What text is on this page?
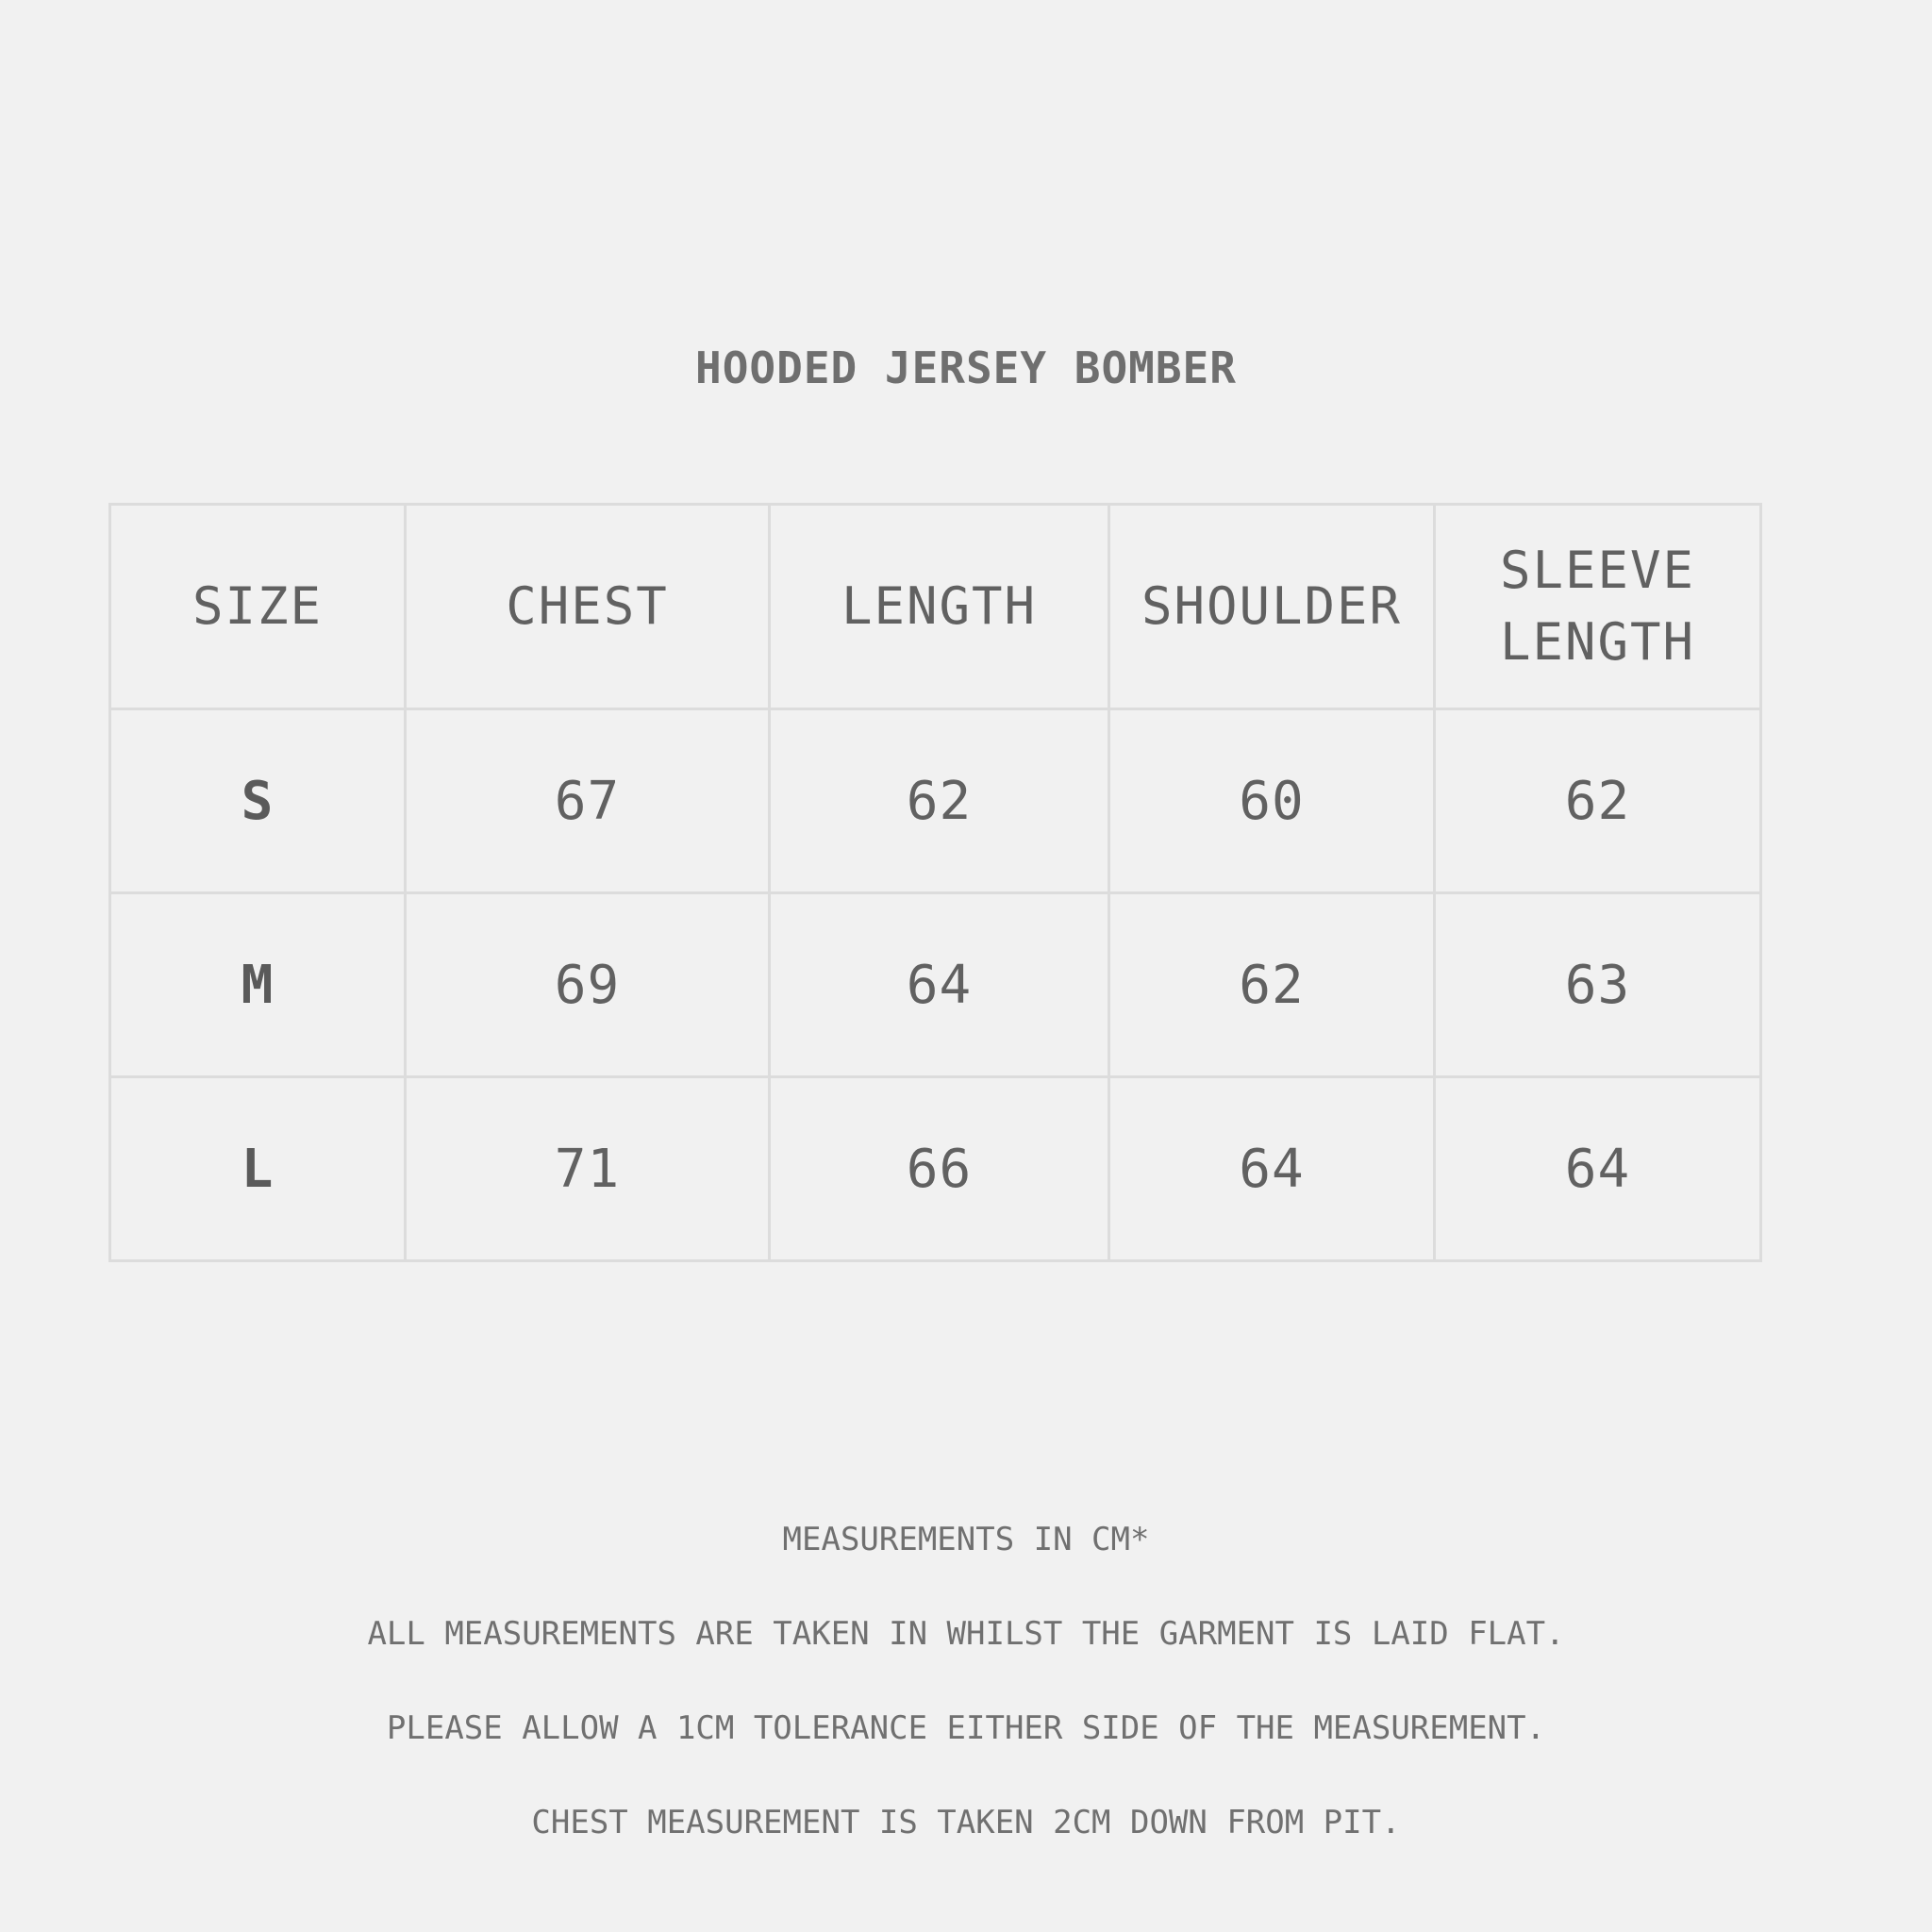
HOODED JERSEY BOMBER
SIZE	CHEST	LENGTH	SHOULDER	SLEEVE LENGTH
S	67	62	60	62
M	69	64	62	63
L	71	66	64	64

MEASUREMENTS IN CM*

ALL MEASUREMENTS ARE TAKEN IN WHILST THE GARMENT IS LAID FLAT.

PLEASE ALLOW A 1CM TOLERANCE EITHER SIDE OF THE MEASUREMENT.

CHEST MEASUREMENT IS TAKEN 2CM DOWN FROM PIT.
